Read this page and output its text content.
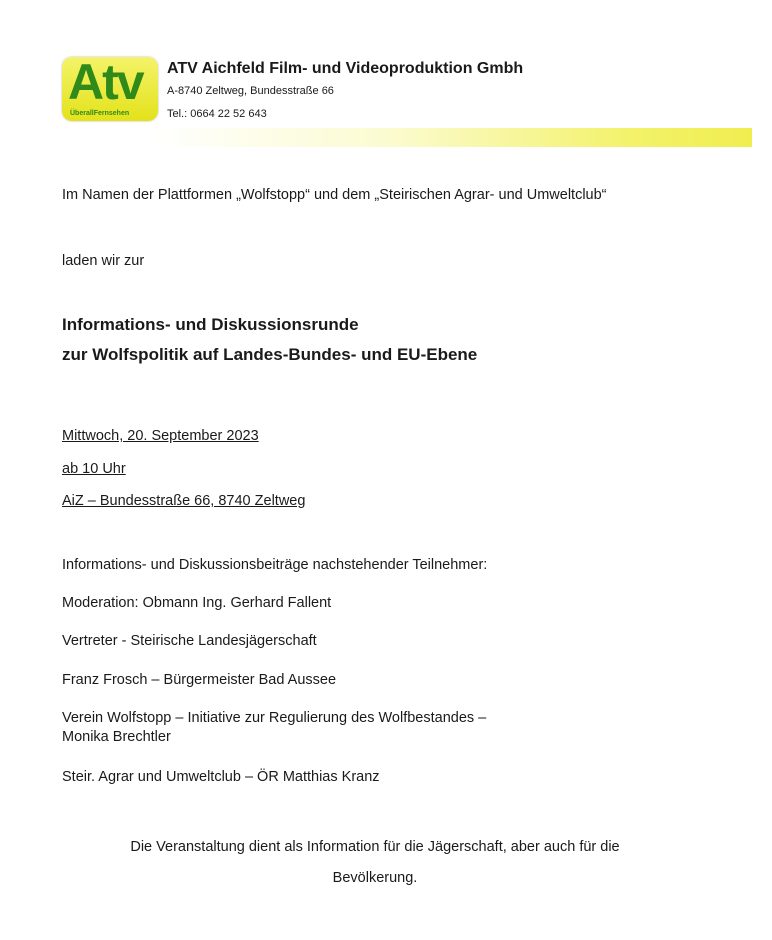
Atv
ÜberallFernsehen
ATV Aichfeld Film- und Videoproduktion Gmbh
A-8740 Zeltweg, Bundesstraße 66
Tel.: 0664 22 52 643
Im Namen der Plattformen „Wolfstopp“ und dem „Steirischen Agrar- und Umweltclub“
laden wir zur
Informations- und Diskussionsrunde
zur Wolfspolitik auf Landes-Bundes- und EU-Ebene
Mittwoch, 20. September 2023
ab 10 Uhr
AiZ – Bundesstraße 66, 8740 Zeltweg
Informations- und Diskussionsbeiträge nachstehender Teilnehmer:
Moderation: Obmann Ing. Gerhard Fallent
Vertreter - Steirische Landesjägerschaft
Franz Frosch – Bürgermeister Bad Aussee
Verein Wolfstopp – Initiative zur Regulierung des Wolfbestandes –
Monika Brechtler
Steir. Agrar und Umweltclub – ÖR Matthias Kranz
Die Veranstaltung dient als Information für die Jägerschaft, aber auch für die
Bevölkerung.
